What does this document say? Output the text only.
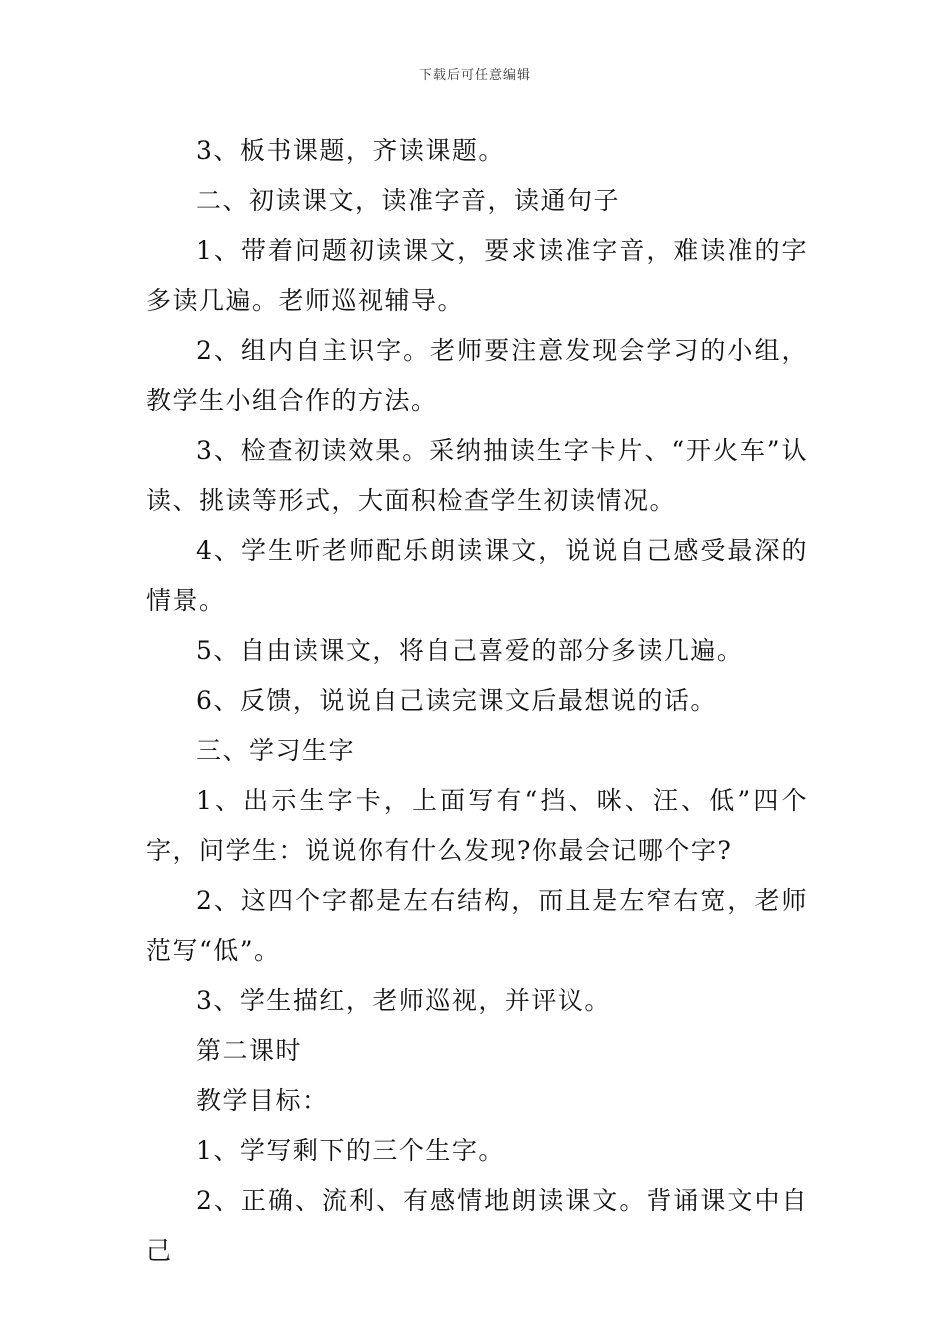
下载后可任意编辑

3、板书课题，齐读课题。

二、初读课文，读准字音，读通句子

1、带着问题初读课文，要求读准字音，难读准的字多读几遍。老师巡视辅导。

2、组内自主识字。老师要注意发现会学习的小组，教学生小组合作的方法。

3、检查初读效果。采纳抽读生字卡片、“开火车”认读、挑读等形式，大面积检查学生初读情况。

4、学生听老师配乐朗读课文，说说自己感受最深的情景。

5、自由读课文，将自己喜爱的部分多读几遍。

6、反馈，说说自己读完课文后最想说的话。

三、学习生字

1、出示生字卡，上面写有“挡、咪、汪、低”四个字，问学生：说说你有什么发现?你最会记哪个字?

2、这四个字都是左右结构，而且是左窄右宽，老师范写“低”。

3、学生描红，老师巡视，并评议。

第二课时

教学目标：

1、学写剩下的三个生字。

2、正确、流利、有感情地朗读课文。背诵课文中自己
